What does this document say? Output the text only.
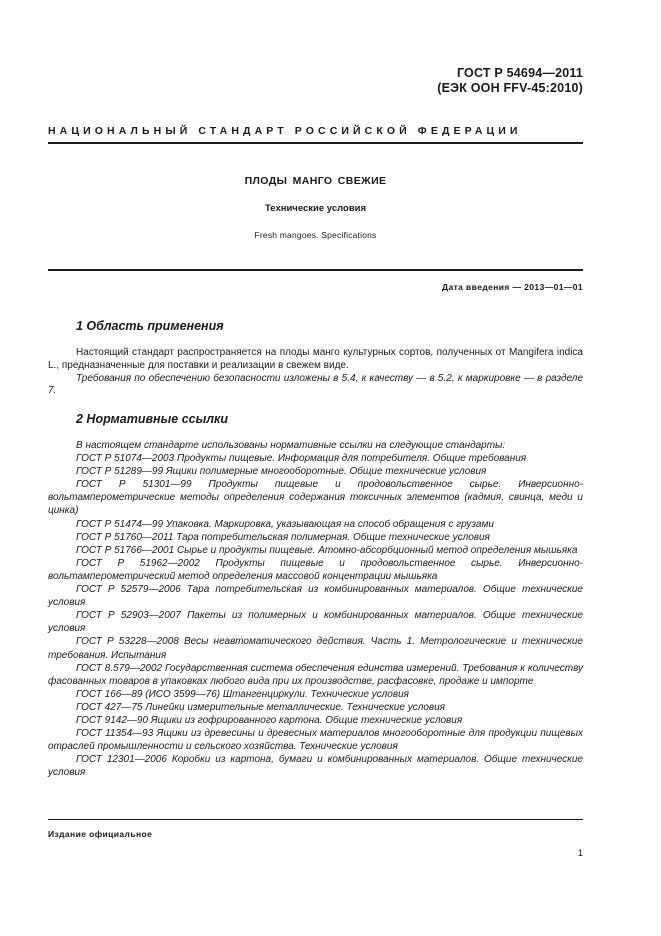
ГОСТ Р 54694—2011
(ЕЭК ООН FFV-45:2010)
НАЦИОНАЛЬНЫЙ СТАНДАРТ РОССИЙСКОЙ ФЕДЕРАЦИИ
ПЛОДЫ МАНГО СВЕЖИЕ
Технические условия
Fresh mangoes. Specifications
Дата введения — 2013—01—01
1 Область применения
Настоящий стандарт распространяется на плоды манго культурных сортов, полученных от Mangifera indica L., предназначенные для поставки и реализации в свежем виде.
Требования по обеспечению безопасности изложены в 5.4, к качеству — в 5.2, к маркировке — в разделе 7.
2 Нормативные ссылки
В настоящем стандарте использованы нормативные ссылки на следующие стандарты:
ГОСТ Р 51074—2003 Продукты пищевые. Информация для потребителя. Общие требования
ГОСТ Р 51289—99 Ящики полимерные многооборотные. Общие технические условия
ГОСТ Р 51301—99 Продукты пищевые и продовольственное сырье. Инверсионно-вольтамперометрические методы определения содержания токсичных элементов (кадмия, свинца, меди и цинка)
ГОСТ Р 51474—99 Упаковка. Маркировка, указывающая на способ обращения с грузами
ГОСТ Р 51760—2011 Тара потребительская полимерная. Общие технические условия
ГОСТ Р 51766—2001 Сырье и продукты пищевые. Атомно-абсорбционный метод определения мышьяка
ГОСТ Р 51962—2002 Продукты пищевые и продовольственное сырье. Инверсионно-вольтамперометрический метод определения массовой концентрации мышьяка
ГОСТ Р 52579—2006 Тара потребительская из комбинированных материалов. Общие технические условия
ГОСТ Р 52903—2007 Пакеты из полимерных и комбинированных материалов. Общие технические условия
ГОСТ Р 53228—2008 Весы неавтоматического действия. Часть 1. Метрологические и технические требования. Испытания
ГОСТ 8.579—2002 Государственная система обеспечения единства измерений. Требования к количеству фасованных товаров в упаковках любого вида при их производстве, расфасовке, продаже и импорте
ГОСТ 166—89 (ИСО 3599—76) Штангенциркули. Технические условия
ГОСТ 427—75 Линейки измерительные металлические. Технические условия
ГОСТ 9142—90 Ящики из гофрированного картона. Общие технические условия
ГОСТ 11354—93 Ящики из древесины и древесных материалов многооборотные для продукции пищевых отраслей промышленности и сельского хозяйства. Технические условия
ГОСТ 12301—2006 Коробки из картона, бумаги и комбинированных материалов. Общие технические условия
Издание официальное
1
